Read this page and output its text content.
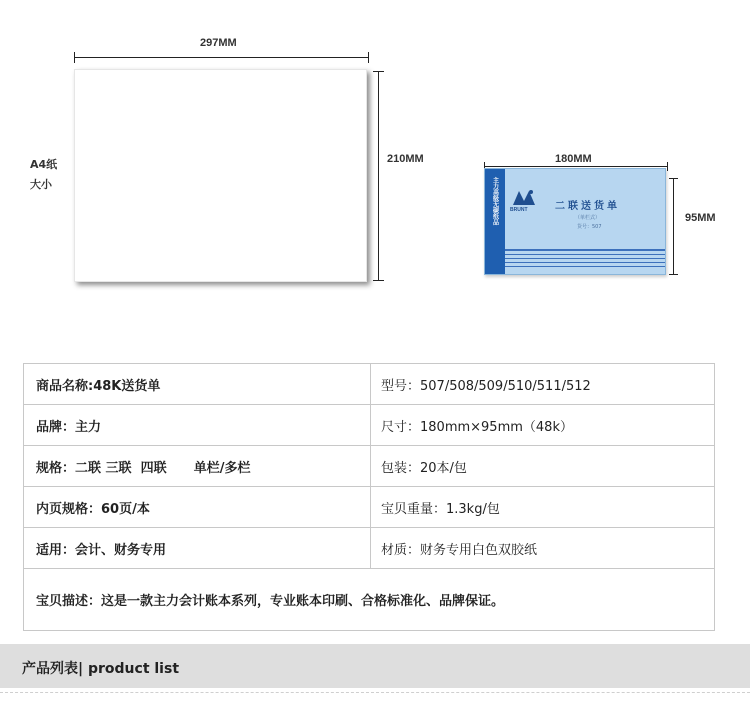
297MM
210MM
A4纸
大小
180MM
95MM
主力高级无碳纸品 BRUNT	二联送货单
（单栏式）
货号：507
商品名称:48K送货单	型号：507/508/509/510/511/512
品牌：主力	尺寸：180mm×95mm（48k）
规格：二联 三联  四联      单栏/多栏	包装：20本/包
内页规格：60页/本	宝贝重量：1.3kg/包
适用：会计、财务专用	材质：财务专用白色双胶纸
宝贝描述：这是一款主力会计账本系列，专业账本印刷、合格标准化、品牌保证。	
产品列表| product list
